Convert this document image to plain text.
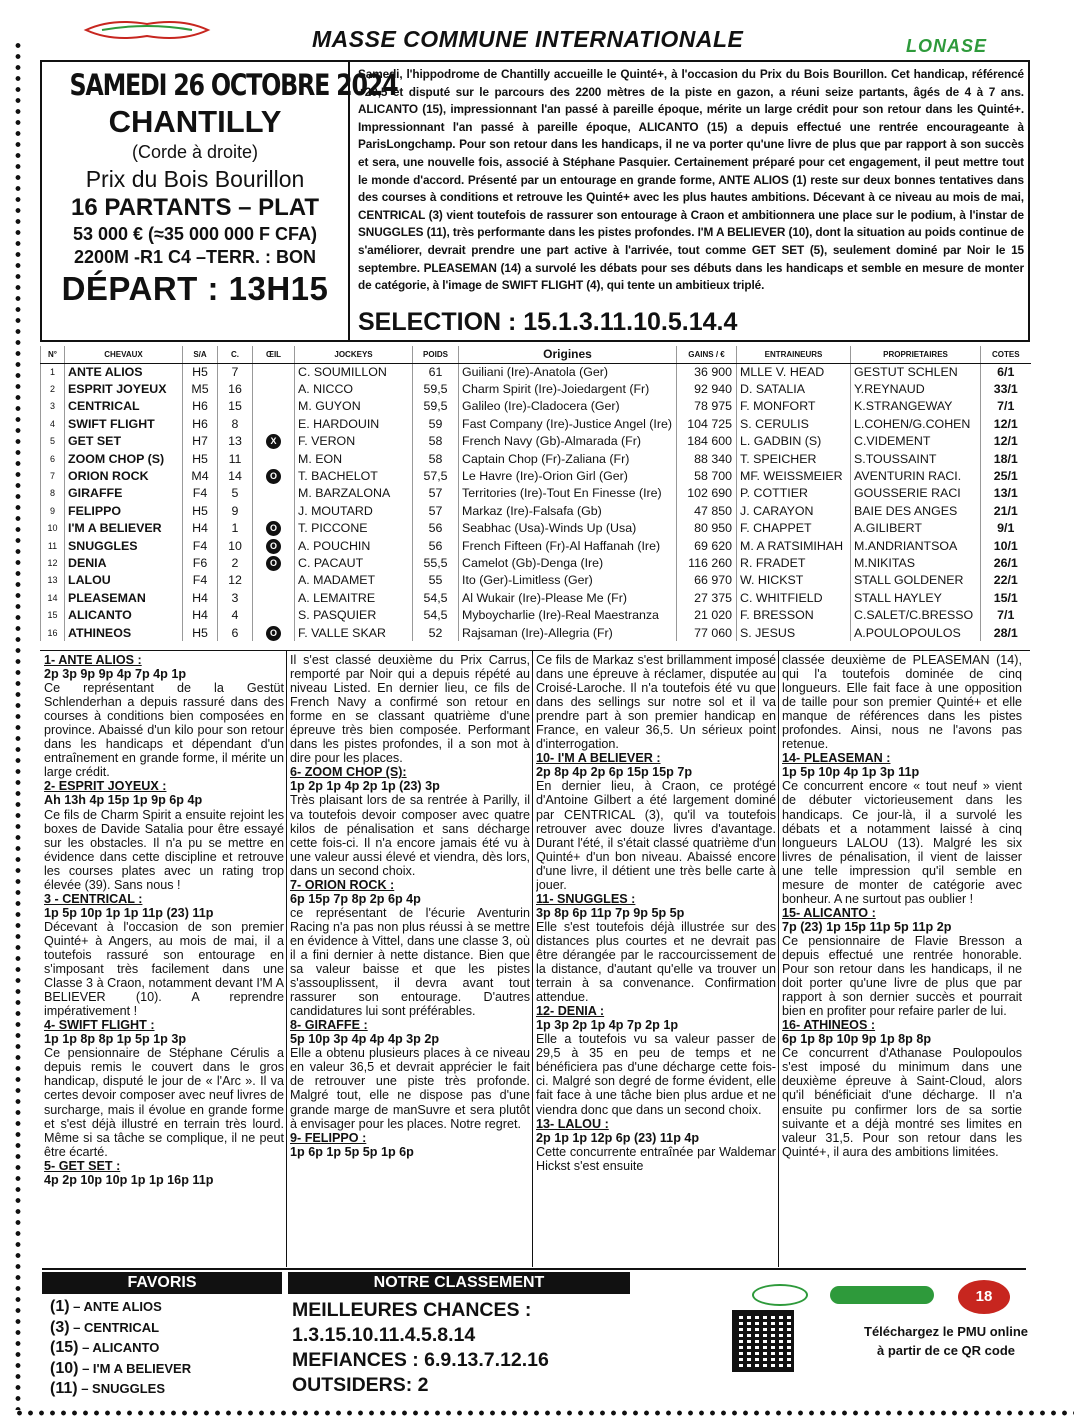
MASSE COMMUNE INTERNATIONALE	LONASE
SAMEDI 26 OCTOBRE 2024
CHANTILLY
(Corde à droite)
Prix du Bois Bourillon
16 PARTANTS – PLAT
53 000 € (≈35 000 000 F CFA)
2200M -R1 C4 –TERR. : BON
DÉPART : 13H15
Samedi, l'hippodrome de Chantilly accueille le Quinté+, à l'occasion du Prix du Bois Bourillon. Cet handicap, référencé +20,5 et disputé sur le parcours des 2200 mètres de la piste en gazon, a réuni seize partants, âgés de 4 à 7 ans. ALICANTO (15), impressionnant l'an passé à pareille époque, mérite un large crédit pour son retour dans les Quinté+. Impressionnant l'an passé à pareille époque, ALICANTO (15) a depuis effectué une rentrée encourageante à ParisLongchamp. Pour son retour dans les handicaps, il ne va porter qu'une livre de plus que par rapport à son succès et sera, une nouvelle fois, associé à Stéphane Pasquier. Certainement préparé pour cet engagement, il peut mettre tout le monde d'accord. Présenté par un entourage en grande forme, ANTE ALIOS (1) reste sur deux bonnes tentatives dans des courses à conditions et retrouve les Quinté+ avec les plus hautes ambitions. Décevant à ce niveau au mois de mai, CENTRICAL (3) vient toutefois de rassurer son entourage à Craon et ambitionnera une place sur le podium, à l'instar de SNUGGLES (11), très performante dans les pistes profondes. I'M A BELIEVER (10), dont la situation au poids continue de s'améliorer, devrait prendre une part active à l'arrivée, tout comme GET SET (5), seulement dominé par Noir le 15 septembre. PLEASEMAN (14) a survolé les débats pour ses débuts dans les handicaps et semble en mesure de monter de catégorie, à l'image de SWIFT FLIGHT (4), qui tente un ambitieux triplé.
SELECTION : 15.1.3.11.10.5.14.4
N°	CHEVAUX	S/A	C.	ŒIL	JOCKEYS	POIDS	Origines	GAINS / €	ENTRAINEURS	PROPRIETAIRES	COTES
1	ANTE ALIOS	H5	7		C. SOUMILLON	61	Guiliani (Ire)-Anatola (Ger)	36 900	MLLE V. HEAD	GESTUT SCHLEN	6/1
2	ESPRIT JOYEUX	M5	16		A. NICCO	59,5	Charm Spirit (Ire)-Joiedargent (Fr)	92 940	D. SATALIA	Y.REYNAUD	33/1
3	CENTRICAL	H6	15		M. GUYON	59,5	Galileo (Ire)-Cladocera (Ger)	78 975	F. MONFORT	K.STRANGEWAY	7/1
4	SWIFT FLIGHT	H6	8		E. HARDOUIN	59	Fast Company (Ire)-Justice Angel (Ire)	104 725	S. CERULIS	L.COHEN/G.COHEN	12/1
5	GET SET	H7	13	X	F. VERON	58	French Navy (Gb)-Almarada (Fr)	184 600	L. GADBIN (S)	C.VIDEMENT	12/1
6	ZOOM CHOP (S)	H5	11		M. EON	58	Captain Chop (Fr)-Zaliana (Fr)	88 340	T. SPEICHER	S.TOUSSAINT	18/1
7	ORION ROCK	M4	14	O	T. BACHELOT	57,5	Le Havre (Ire)-Orion Girl (Ger)	58 700	MF. WEISSMEIER	AVENTURIN RACI.	25/1
8	GIRAFFE	F4	5		M. BARZALONA	57	Territories (Ire)-Tout En Finesse (Ire)	102 690	P. COTTIER	GOUSSERIE RACI	13/1
9	FELIPPO	H5	9		J. MOUTARD	57	Markaz (Ire)-Falsafa (Gb)	47 850	J. CARAYON	BAIE DES ANGES	21/1
10	I'M A BELIEVER	H4	1	O	T. PICCONE	56	Seabhac (Usa)-Winds Up (Usa)	80 950	F. CHAPPET	A.GILIBERT	9/1
11	SNUGGLES	F4	10	O	A. POUCHIN	56	French Fifteen (Fr)-Al Haffanah (Ire)	69 620	M. A RATSIMIHAH	M.ANDRIANTSOA	10/1
12	DENIA	F6	2	O	C. PACAUT	55,5	Camelot (Gb)-Denga (Ire)	116 260	R. FRADET	M.NIKITAS	26/1
13	LALOU	F4	12		A. MADAMET	55	Ito (Ger)-Limitless (Ger)	66 970	W. HICKST	STALL GOLDENER	22/1
14	PLEASEMAN	H4	3		A. LEMAITRE	54,5	Al Wukair (Ire)-Please Me (Fr)	27 375	C. WHITFIELD	STALL HAYLEY	15/1
15	ALICANTO	H4	4		S. PASQUIER	54,5	Myboycharlie (Ire)-Real Maestranza	21 020	F. BRESSON	C.SALET/C.BRESSO	7/1
16	ATHINEOS	H5	6	O	F. VALLE SKAR	52	Rajsaman (Ire)-Allegria (Fr)	77 060	S. JESUS	A.POULOPOULOS	28/1

1- ANTE ALIOS :

2p 3p 9p 9p 4p 7p 4p 1p

Ce représentant de la Gestüt Schlenderhan a depuis rassuré dans des courses à conditions bien composées en province. Abaissé d'un kilo pour son retour dans les handicaps et dépendant d'un entraînement en grande forme, il mérite un large crédit.

2- ESPRIT JOYEUX :

Ah 13h 4p 15p 1p 9p 6p 4p

Ce fils de Charm Spirit a ensuite rejoint les boxes de Davide Satalia pour être essayé sur les obstacles. Il n'a pu se mettre en évidence dans cette discipline et retrouve les courses plates avec un rating trop élevée (39). Sans nous !

3 - CENTRICAL :

1p 5p 10p 1p 1p 11p (23) 11p

Décevant à l'occasion de son premier Quinté+ à Angers, au mois de mai, il a toutefois rassuré son entourage en s'imposant très facilement dans une Classe 3 à Craon, notamment devant I'M A BELIEVER (10). A reprendre impérativement !

4- SWIFT FLIGHT :

1p 1p 8p 8p 1p 5p 1p 3p

Ce pensionnaire de Stéphane Cérulis a depuis remis le couvert dans le gros handicap, disputé le jour de « l'Arc ». Il va certes devoir composer avec neuf livres de surcharge, mais il évolue en grande forme et s'est déjà illustré en terrain très lourd. Même si sa tâche se complique, il ne peut être écarté.

5- GET SET :

4p 2p 10p 10p 1p 1p 16p 11p

Il s'est classé deuxième du Prix Carrus, remporté par Noir qui a depuis répété au niveau Listed. En dernier lieu, ce fils de French Navy a confirmé son retour en forme en se classant quatrième d'une épreuve très bien composée. Performant dans les pistes profondes, il a son mot à dire pour les places.

6- ZOOM CHOP (S):

1p 2p 1p 4p 2p 1p (23) 3p

Très plaisant lors de sa rentrée à Parilly, il va toutefois devoir composer avec quatre kilos de pénalisation et sans décharge cette fois-ci. Il n'a encore jamais été vu à une valeur aussi élevé et viendra, dès lors, dans un second choix.

7- ORION ROCK :

6p 15p 7p 8p 2p 6p 4p

ce représentant de l'écurie Aventurin Racing n'a pas non plus réussi à se mettre en évidence à Vittel, dans une classe 3, où il a fini dernier à nette distance. Bien que sa valeur baisse et que les pistes s'assouplissent, il devra avant tout rassurer son entourage. D'autres candidatures lui sont préférables.

8- GIRAFFE :

5p 10p 3p 4p 4p 4p 3p 2p

Elle a obtenu plusieurs places à ce niveau en valeur 36,5 et devrait apprécier le fait de retrouver une piste très profonde. Malgré tout, elle ne dispose pas d'une grande marge de manSuvre et sera plutôt à envisager pour les places. Notre regret.

9- FELIPPO :

1p 6p 1p 5p 5p 1p 6p

Ce fils de Markaz s'est brillamment imposé dans une épreuve à réclamer, disputée au Croisé-Laroche. Il n'a toutefois été vu que dans des sellings sur notre sol et il va prendre part à son premier handicap en France, en valeur 36,5. Un sérieux point d'interrogation.

10- I'M A BELIEVER :

2p 8p 4p 2p 6p 15p 15p 7p

En dernier lieu, à Craon, ce protégé d'Antoine Gilbert a été largement dominé par CENTRICAL (3), qu'il va toutefois retrouver avec douze livres d'avantage. Durant l'été, il s'était classé quatrième d'un Quinté+ d'un bon niveau. Abaissé encore d'une livre, il détient une très belle carte à jouer.

11- SNUGGLES :

3p 8p 6p 11p 7p 9p 5p 5p

Elle s'est toutefois déjà illustrée sur des distances plus courtes et ne devrait pas être dérangée par le raccourcissement de la distance, d'autant qu'elle va trouver un terrain à sa convenance. Confirmation attendue.

12- DENIA :

1p 3p 2p 1p 4p 7p 2p 1p

Elle a toutefois vu sa valeur passer de 29,5 à 35 en peu de temps et ne bénéficiera pas d'une décharge cette fois-ci. Malgré son degré de forme évident, elle fait face à une tâche bien plus ardue et ne viendra donc que dans un second choix.

13- LALOU :

2p 1p 1p 12p 6p (23) 11p 4p

Cette concurrente entraînée par Waldemar Hickst s'est ensuite

classée deuxième de PLEASEMAN (14), qui l'a toutefois dominée de cinq longueurs. Elle fait face à une opposition de taille pour son premier Quinté+ et elle manque de références dans les pistes profondes. Ainsi, nous ne l'avons pas retenue.

14- PLEASEMAN :

1p 5p 10p 4p 1p 3p 11p

Ce concurrent encore « tout neuf » vient de débuter victorieusement dans les handicaps. Ce jour-là, il a survolé les débats et a notamment laissé à cinq longueurs LALOU (13). Malgré les six livres de pénalisation, il vient de laisser une telle impression qu'il semble en mesure de monter de catégorie avec bonheur. A ne surtout pas oublier !

15- ALICANTO :

7p (23) 1p 15p 11p 5p 11p 2p

Ce pensionnaire de Flavie Bresson a depuis effectué une rentrée honorable. Pour son retour dans les handicaps, il ne doit porter qu'une livre de plus que par rapport à son dernier succès et pourrait bien en profiter pour refaire parler de lui.

16- ATHINEOS :

6p 1p 8p 10p 9p 1p 8p 8p

Ce concurrent d'Athanase Poulopoulos s'est imposé du minimum dans une deuxième épreuve à Saint-Cloud, alors qu'il bénéficiait d'une décharge. Il n'a ensuite pu confirmer lors de sa sortie suivante et a déjà montré ses limites en valeur 31,5. Pour son retour dans les Quinté+, il aura des ambitions limitées.

FAVORIS
(1) – ANTE ALIOS
(3) – CENTRICAL
(15) – ALICANTO
(10) – I'M A BELIEVER
(11) – SNUGGLES
NOTRE CLASSEMENT
MEILLEURES CHANCES :
1.3.15.10.11.4.5.8.14
MEFIANCES : 6.9.13.7.12.16
OUTSIDERS: 2
18
Téléchargez le PMU online à partir de ce QR code
